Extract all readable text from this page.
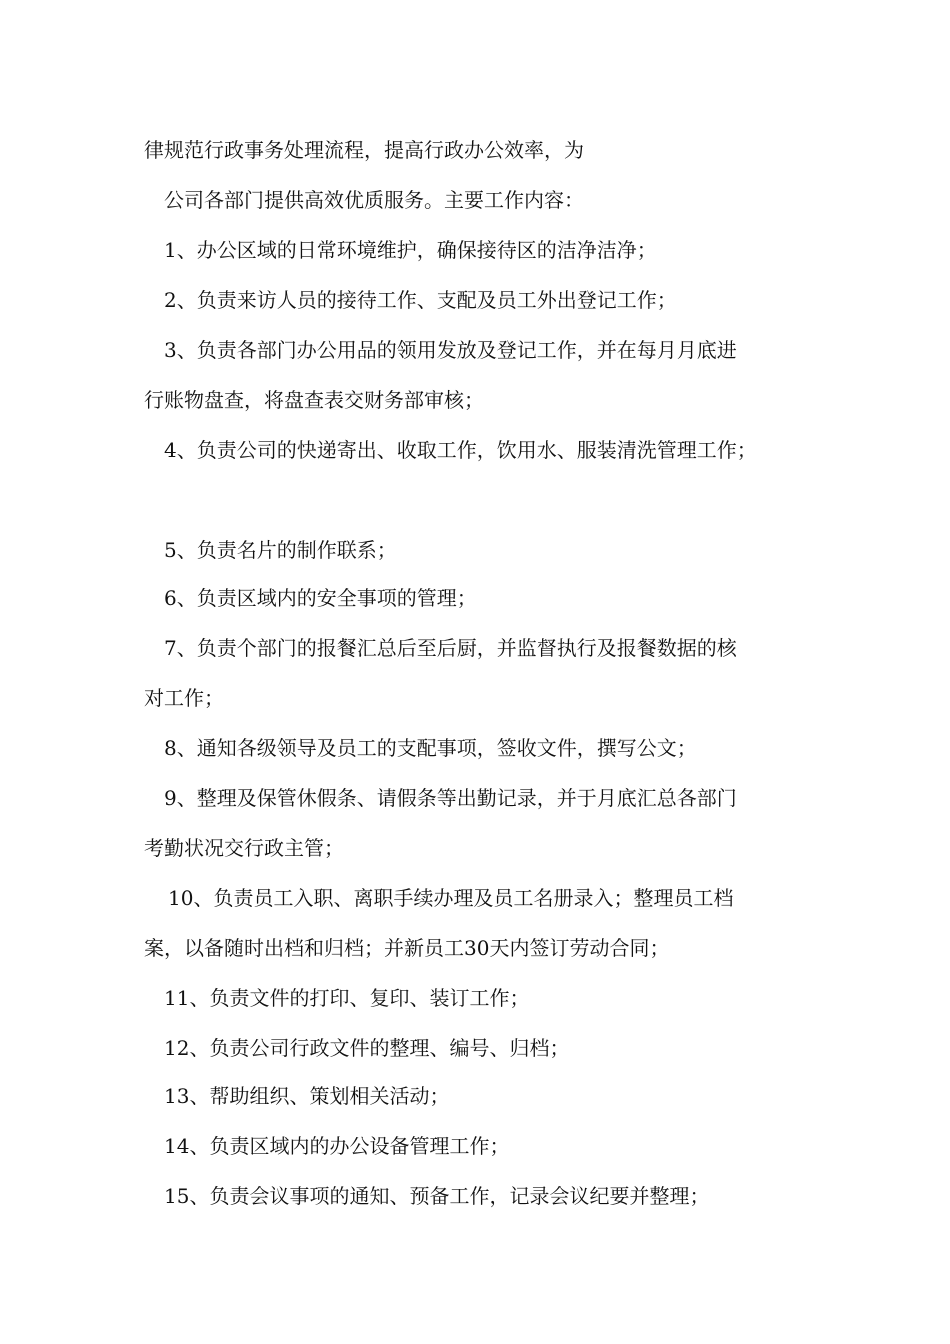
律规范行政事务处理流程，提高行政办公效率，为
公司各部门提供高效优质服务。主要工作内容：
1、办公区域的日常环境维护，确保接待区的洁净洁净；
2、负责来访人员的接待工作、支配及员工外出登记工作；
3、负责各部门办公用品的领用发放及登记工作，并在每月月底进
行账物盘查，将盘查表交财务部审核；
4、负责公司的快递寄出、收取工作，饮用水、服装清洗管理工作；
5、负责名片的制作联系；
6、负责区域内的安全事项的管理；
7、负责个部门的报餐汇总后至后厨，并监督执行及报餐数据的核
对工作；
8、通知各级领导及员工的支配事项，签收文件，撰写公文；
9、整理及保管休假条、请假条等出勤记录，并于月底汇总各部门
考勤状况交行政主管；
10、负责员工入职、离职手续办理及员工名册录入；整理员工档
案，以备随时出档和归档；并新员工30天内签订劳动合同；
11、负责文件的打印、复印、装订工作；
12、负责公司行政文件的整理、编号、归档；
13、帮助组织、策划相关活动；
14、负责区域内的办公设备管理工作；
15、负责会议事项的通知、预备工作，记录会议纪要并整理；
